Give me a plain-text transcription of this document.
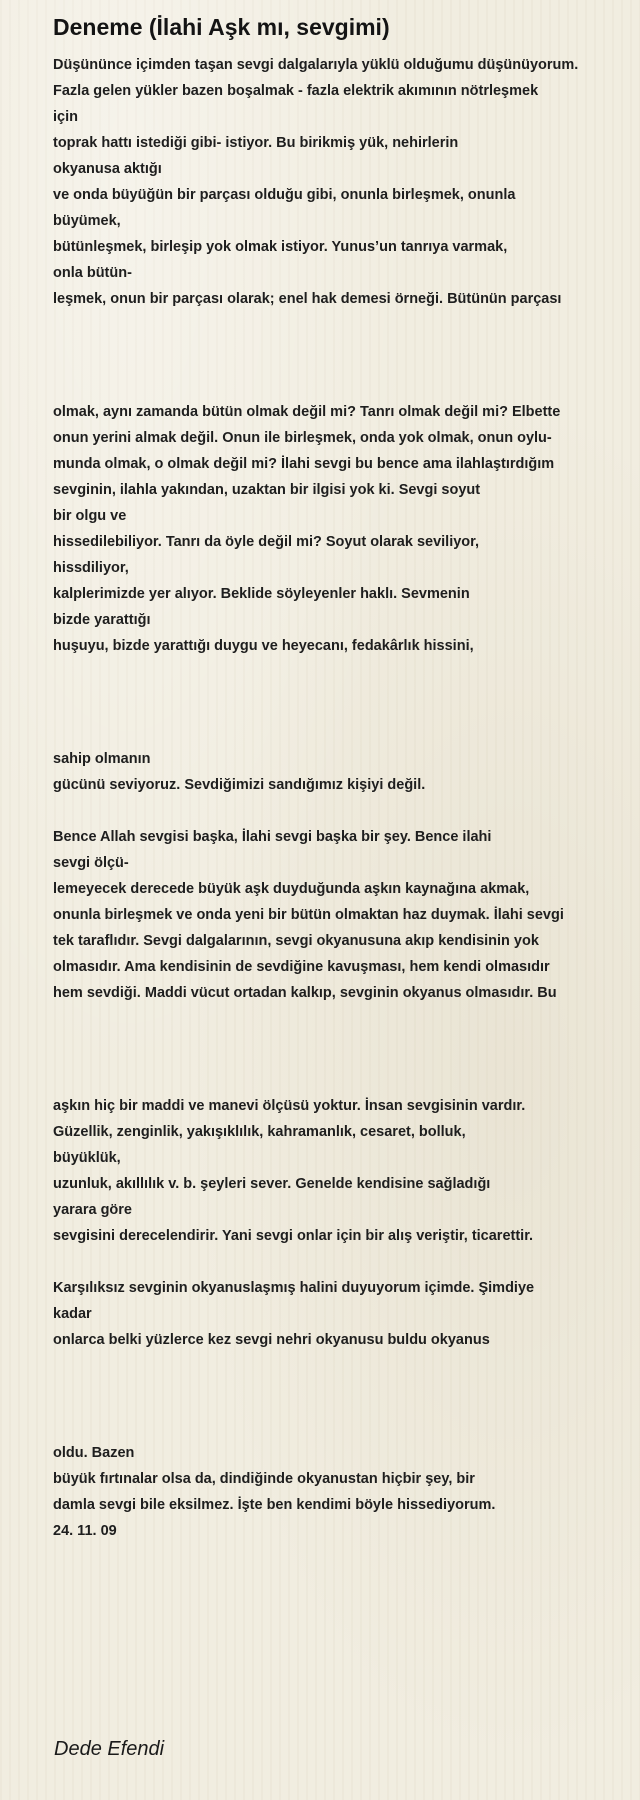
Deneme (İlahi Aşk mı, sevgimi)
Düşününce içimden taşan sevgi dalgalarıyla yüklü olduğumu düşünüyorum.
Fazla gelen yükler bazen boşalmak - fazla elektrik akımının nötrleşmek
için
toprak hattı istediği gibi- istiyor. Bu birikmiş yük, nehirlerin
okyanusa aktığı
ve onda büyüğün bir parçası olduğu gibi, onunla birleşmek, onunla
büyümek,
bütünleşmek, birleşip yok olmak istiyor. Yunus’un tanrıya varmak,
onla bütün-
leşmek, onun bir parçası olarak; enel hak demesi örneği. Bütünün parçası
olmak, aynı zamanda bütün olmak değil mi? Tanrı olmak değil mi? Elbette
onun yerini almak değil. Onun ile birleşmek, onda yok olmak, onun oylu-
munda olmak, o olmak değil mi? İlahi sevgi bu bence ama ilahlaştırdığım
sevginin, ilahla yakından, uzaktan bir ilgisi yok ki. Sevgi soyut
bir olgu ve
hissedilebiliyor. Tanrı da öyle değil mi? Soyut olarak seviliyor,
hissdiliyor,
kalplerimizde yer alıyor. Beklide söyleyenler haklı. Sevmenin
bizde yarattığı
huşuyu, bizde yarattığı duygu ve heyecanı, fedakârlık hissini,
sahip olmanın
gücünü seviyoruz. Sevdiğimizi sandığımız kişiyi değil.
Bence Allah sevgisi başka, İlahi sevgi başka bir şey. Bence ilahi
sevgi ölçü-
lemeyecek derecede büyük aşk duyduğunda aşkın kaynağına akmak,
onunla birleşmek ve onda yeni bir bütün olmaktan haz duymak. İlahi sevgi
tek taraflıdır. Sevgi dalgalarının, sevgi okyanusuna akıp kendisinin yok
olmasıdır. Ama kendisinin de sevdiğine kavuşması, hem kendi olmasıdır
hem sevdiği. Maddi vücut ortadan kalkıp, sevginin okyanus olmasıdır. Bu
aşkın hiç bir maddi ve manevi ölçüsü yoktur. İnsan sevgisinin vardır.
Güzellik, zenginlik, yakışıklılık, kahramanlık, cesaret, bolluk,
büyüklük,
uzunluk, akıllılık v. b. şeyleri sever. Genelde kendisine sağladığı
yarara göre
sevgisini derecelendirir. Yani sevgi onlar için bir alış veriştir, ticarettir.
Karşılıksız sevginin okyanuslaşmış halini duyuyorum içimde. Şimdiye
kadar
onlarca belki yüzlerce kez sevgi nehri okyanusu buldu okyanus
oldu. Bazen
büyük fırtınalar olsa da, dindiğinde okyanustan hiçbir şey, bir
damla sevgi bile eksilmez. İşte ben kendimi böyle hissediyorum.
24. 11. 09
Dede Efendi
